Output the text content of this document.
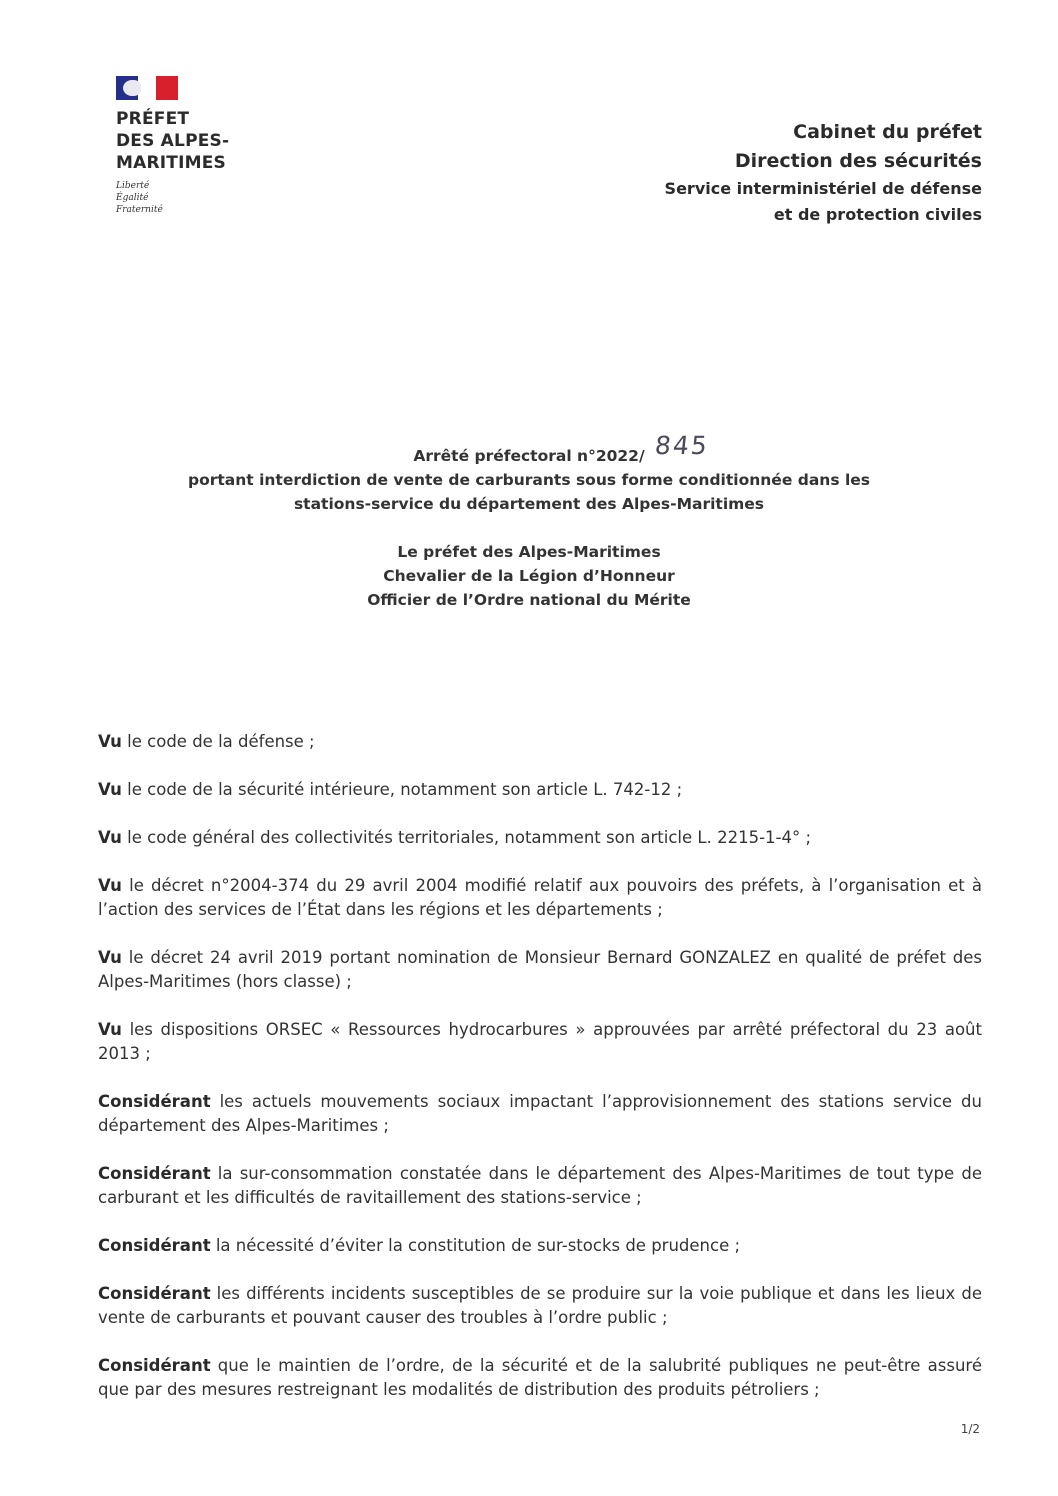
PRÉFET
DES ALPES-
MARITIMES
Liberté
Égalité
Fraternité
Cabinet du préfet
Direction des sécurités
Service interministériel de défense
et de protection civiles
Arrêté préfectoral n°2022/ 845
portant interdiction de vente de carburants sous forme conditionnée dans les
stations-service du département des Alpes-Maritimes
Le préfet des Alpes-Maritimes
Chevalier de la Légion d’Honneur
Officier de l’Ordre national du Mérite

Vu le code de la défense ;

Vu le code de la sécurité intérieure, notamment son article L. 742-12 ;

Vu le code général des collectivités territoriales, notamment son article L. 2215-1-4° ;

Vu le décret n°2004-374 du 29 avril 2004 modifié relatif aux pouvoirs des préfets, à l’organisation et à l’action des services de l’État dans les régions et les départements ;

Vu le décret 24 avril 2019 portant nomination de Monsieur Bernard GONZALEZ en qualité de préfet des Alpes-Maritimes (hors classe) ;

Vu les dispositions ORSEC « Ressources hydrocarbures » approuvées par arrêté préfectoral du 23 août 2013 ;

Considérant les actuels mouvements sociaux impactant l’approvisionnement des stations service du département des Alpes-Maritimes ;

Considérant la sur-consommation constatée dans le département des Alpes-Maritimes de tout type de carburant et les difficultés de ravitaillement des stations-service ;

Considérant la nécessité d’éviter la constitution de sur-stocks de prudence ;

Considérant les différents incidents susceptibles de se produire sur la voie publique et dans les lieux de vente de carburants et pouvant causer des troubles à l’ordre public ;

Considérant que le maintien de l’ordre, de la sécurité et de la salubrité publiques ne peut-être assuré que par des mesures restreignant les modalités de distribution des produits pétroliers ;

1/2
